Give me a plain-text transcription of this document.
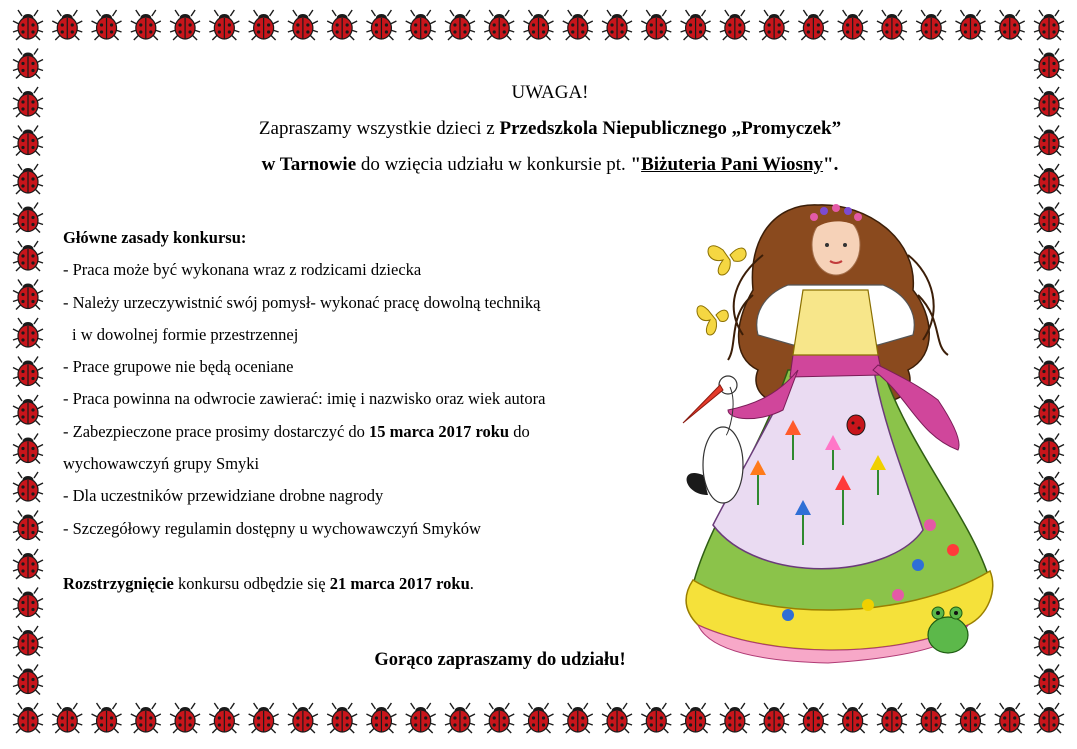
UWAGA!
Zapraszamy wszystkie dzieci z Przedszkola Niepublicznego „Promyczek”
w Tarnowie do wzięcia udziału w konkursie pt. "Biżuteria Pani Wiosny".
Główne zasady konkursu:
- Praca może być wykonana wraz z rodzicami dziecka
- Należy urzeczywistnić swój pomysł- wykonać pracę dowolną techniką
i w dowolnej formie przestrzennej
- Prace grupowe nie będą oceniane
- Praca powinna na odwrocie zawierać: imię i nazwisko oraz wiek autora
- Zabezpieczone prace prosimy dostarczyć do 15 marca 2017 roku do
wychowawczyń grupy Smyki
- Dla uczestników przewidziane drobne nagrody
- Szczegółowy regulamin dostępny u wychowawczyń Smyków
Rozstrzygnięcie konkursu odbędzie się 21 marca 2017 roku.
Gorąco zapraszamy do udziału!
